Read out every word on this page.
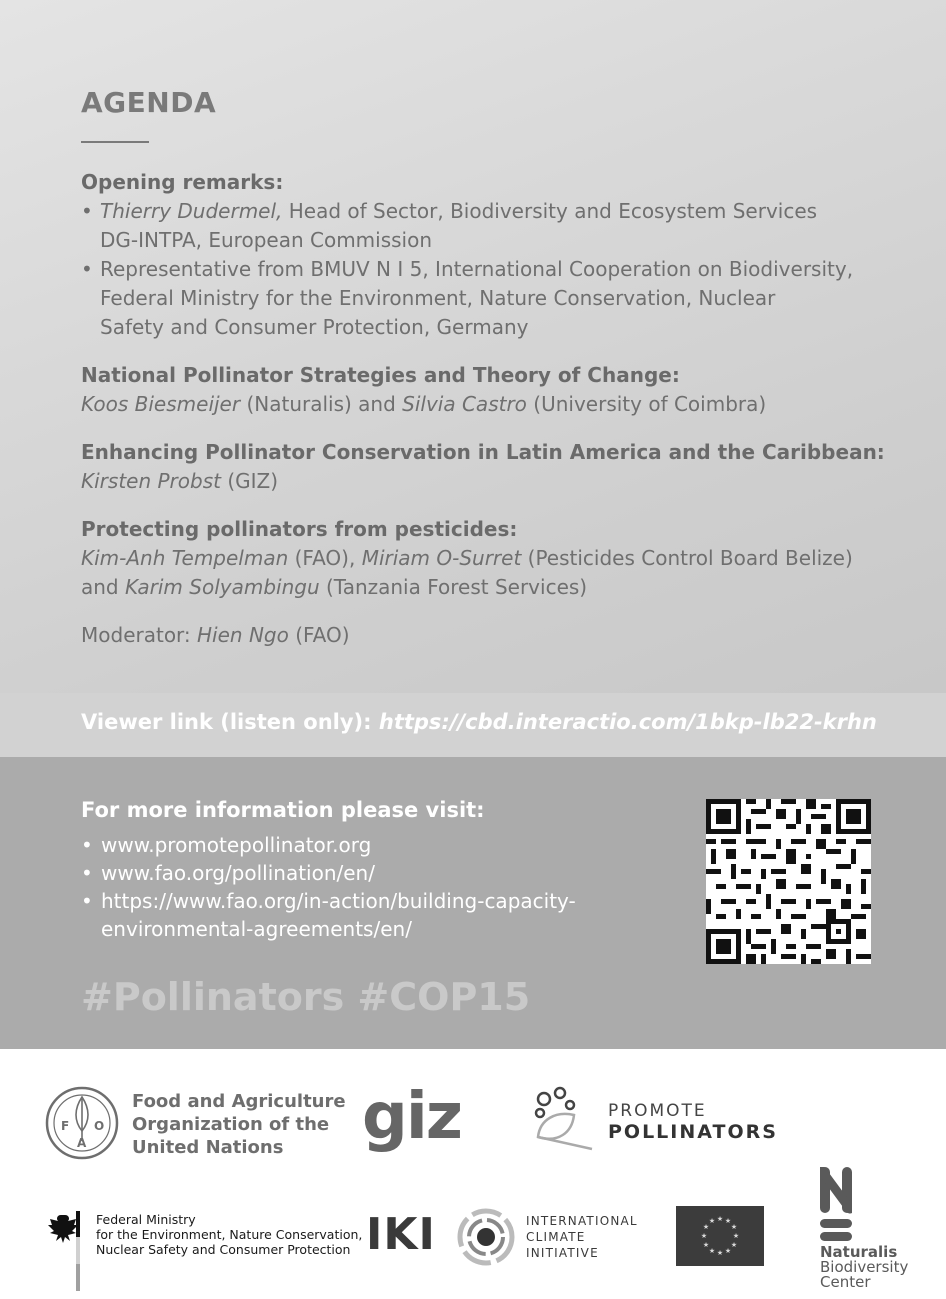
AGENDA
Opening remarks:
• Thierry Dudermel, Head of Sector, Biodiversity and Ecosystem Services
DG-INTPA, European Commission
• Representative from BMUV N I 5, International Cooperation on Biodiversity,
Federal Ministry for the Environment, Nature Conservation, Nuclear
Safety and Consumer Protection, Germany
National Pollinator Strategies and Theory of Change:
Koos Biesmeijer (Naturalis) and Silvia Castro (University of Coimbra)
Enhancing Pollinator Conservation in Latin America and the Caribbean:
Kirsten Probst (GIZ)
Protecting pollinators from pesticides:
Kim-Anh Tempelman (FAO), Miriam O-Surret (Pesticides Control Board Belize)
and Karim Solyambingu (Tanzania Forest Services)
Moderator: Hien Ngo (FAO)
Viewer link (listen only): https://cbd.interactio.com/1bkp-lb22-krhn
For more information please visit:
• www.promotepollinator.org
• www.fao.org/pollination/en/
• https://www.fao.org/in-action/building-capacity-
environmental-agreements/en/
#Pollinators #COP15
F
A
O
Food and Agriculture
Organization of the
United Nations	giz	PROMOTE
POLLINATORS
Federal Ministry
for the Environment, Nature Conservation,
Nuclear Safety and Consumer Protection IKI	INTERNATIONAL
CLIMATE
INITIATIVE
★ ★
★
★
★
★
★
★
★
★
★
★
Naturalis
Biodiversity
Center
